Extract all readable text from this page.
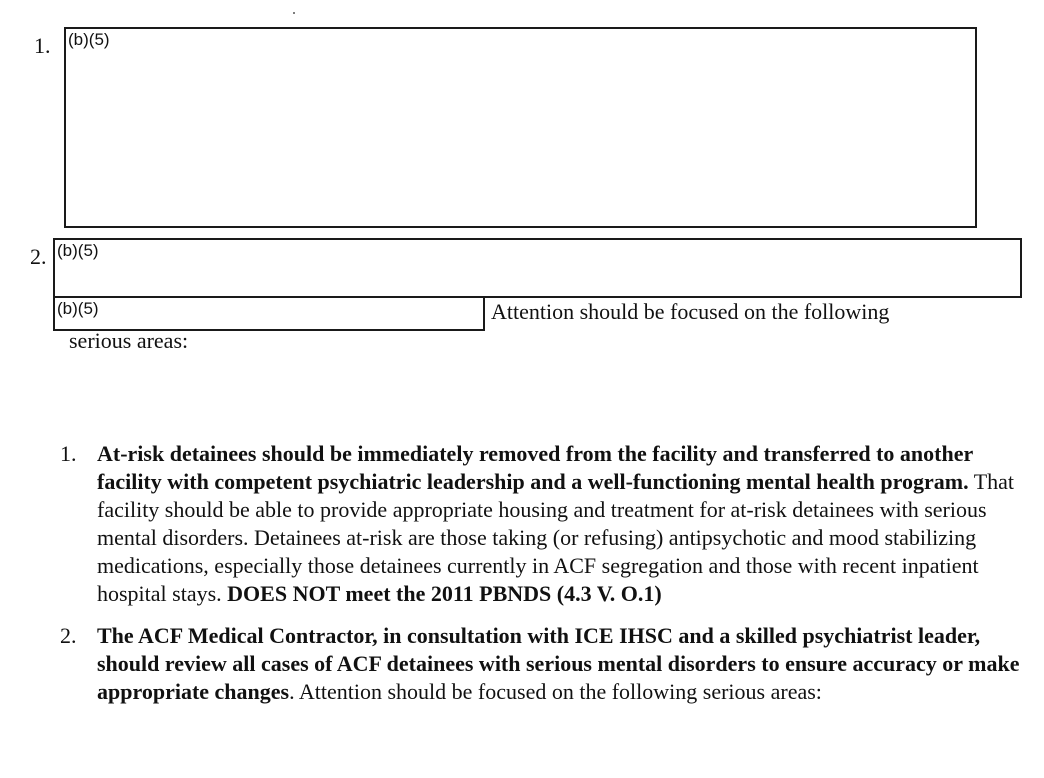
1. (b)(5)
2. (b)(5)
(b)(5)	Attention should be focused on the following
serious areas:
1. At-risk detainees should be immediately removed from the facility and transferred to another facility with competent psychiatric leadership and a well-functioning mental health program. That facility should be able to provide appropriate housing and treatment for at-risk detainees with serious mental disorders. Detainees at-risk are those taking (or refusing) antipsychotic and mood stabilizing medications, especially those detainees currently in ACF segregation and those with recent inpatient hospital stays. DOES NOT meet the 2011 PBNDS (4.3 V. O.1)
2. The ACF Medical Contractor, in consultation with ICE IHSC and a skilled psychiatrist leader, should review all cases of ACF detainees with serious mental disorders to ensure accuracy or make appropriate changes. Attention should be focused on the following serious areas:
